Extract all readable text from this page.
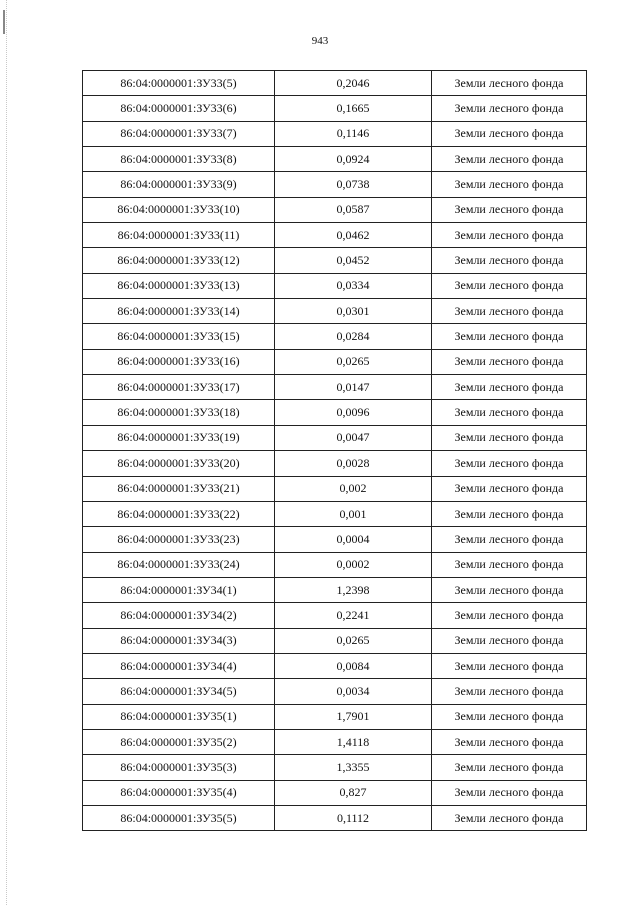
943
86:04:0000001:ЗУ33(5)	0,2046	Земли лесного фонда
86:04:0000001:ЗУ33(6)	0,1665	Земли лесного фонда
86:04:0000001:ЗУ33(7)	0,1146	Земли лесного фонда
86:04:0000001:ЗУ33(8)	0,0924	Земли лесного фонда
86:04:0000001:ЗУ33(9)	0,0738	Земли лесного фонда
86:04:0000001:ЗУ33(10)	0,0587	Земли лесного фонда
86:04:0000001:ЗУ33(11)	0,0462	Земли лесного фонда
86:04:0000001:ЗУ33(12)	0,0452	Земли лесного фонда
86:04:0000001:ЗУ33(13)	0,0334	Земли лесного фонда
86:04:0000001:ЗУ33(14)	0,0301	Земли лесного фонда
86:04:0000001:ЗУ33(15)	0,0284	Земли лесного фонда
86:04:0000001:ЗУ33(16)	0,0265	Земли лесного фонда
86:04:0000001:ЗУ33(17)	0,0147	Земли лесного фонда
86:04:0000001:ЗУ33(18)	0,0096	Земли лесного фонда
86:04:0000001:ЗУ33(19)	0,0047	Земли лесного фонда
86:04:0000001:ЗУ33(20)	0,0028	Земли лесного фонда
86:04:0000001:ЗУ33(21)	0,002	Земли лесного фонда
86:04:0000001:ЗУ33(22)	0,001	Земли лесного фонда
86:04:0000001:ЗУ33(23)	0,0004	Земли лесного фонда
86:04:0000001:ЗУ33(24)	0,0002	Земли лесного фонда
86:04:0000001:ЗУ34(1)	1,2398	Земли лесного фонда
86:04:0000001:ЗУ34(2)	0,2241	Земли лесного фонда
86:04:0000001:ЗУ34(3)	0,0265	Земли лесного фонда
86:04:0000001:ЗУ34(4)	0,0084	Земли лесного фонда
86:04:0000001:ЗУ34(5)	0,0034	Земли лесного фонда
86:04:0000001:ЗУ35(1)	1,7901	Земли лесного фонда
86:04:0000001:ЗУ35(2)	1,4118	Земли лесного фонда
86:04:0000001:ЗУ35(3)	1,3355	Земли лесного фонда
86:04:0000001:ЗУ35(4)	0,827	Земли лесного фонда
86:04:0000001:ЗУ35(5)	0,1112	Земли лесного фонда
